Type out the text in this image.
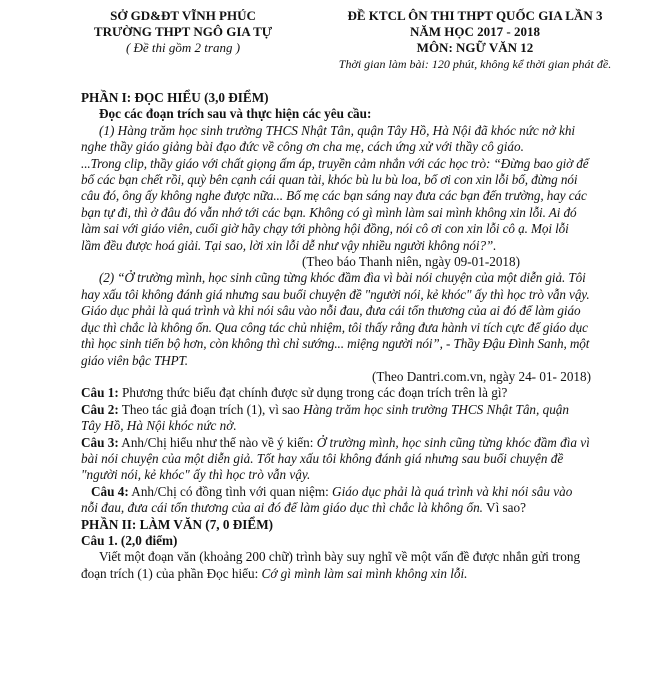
SỞ GD&ĐT VĨNH PHÚC
TRƯỜNG THPT NGÔ GIA TỰ
( Đề thi gồm 2 trang )
ĐỀ KTCL ÔN THI THPT QUỐC GIA LẦN 3
NĂM HỌC 2017 - 2018
MÔN: NGỮ VĂN 12
Thời gian làm bài: 120 phút, không kể thời gian phát đề.

PHẦN I: ĐỌC HIỂU (3,0 ĐIỂM)

Đọc các đoạn trích sau và thực hiện các yêu cầu:

(1) Hàng trăm học sinh trường THCS Nhật Tân, quận Tây Hồ, Hà Nội đã khóc nức nở khi nghe thầy giáo giảng bài đạo đức về công ơn cha mẹ, cách ứng xử với thầy cô giáo.

...Trong clip, thầy giáo với chất giọng ấm áp, truyền cảm nhắn với các học trò: “Đừng bao giờ để bố các bạn chết rồi, quỳ bên cạnh cái quan tài, khóc bù lu bù loa, bố ơi con xin lỗi bố, đừng nói câu đó, ông ấy không nghe được nữa... Bố mẹ các bạn sáng nay đưa các bạn đến trường, hay các bạn tự đi, thì ở đâu đó vẫn nhớ tới các bạn. Không có gì mình làm sai mình không xin lỗi. Ai đó làm sai với giáo viên, cuối giờ hãy chạy tới phòng hội đồng, nói cô ơi con xin lỗi cô ạ. Mọi lỗi lầm đều được hoá giải. Tại sao, lời xin lỗi dễ như vậy nhiều người không nói?”.

(Theo báo Thanh niên, ngày 09-01-2018)

(2) “Ở trường mình, học sinh cũng từng khóc đầm đìa vì bài nói chuyện của một diễn giả. Tôi hay xấu tôi không đánh giá nhưng sau buổi chuyện đề "người nói, kẻ khóc" ấy thì học trò vẫn vậy. Giáo dục phải là quá trình và khi nói sâu vào nỗi đau, đưa cái tổn thương của ai đó để làm giáo dục thì chắc là không ổn. Qua công tác chủ nhiệm, tôi thấy rằng đưa hành vi tích cực để giáo dục thì học sinh tiến bộ hơn, còn không thì chỉ sướng... miệng người nói”, - Thầy Đậu Đình Sanh, một giáo viên bậc THPT.

(Theo Dantri.com.vn, ngày 24- 01- 2018)

Câu 1: Phương thức biểu đạt chính được sử dụng trong các đoạn trích trên là gì?

Câu 2: Theo tác giả đoạn trích (1), vì sao Hàng trăm học sinh trường THCS Nhật Tân, quận Tây Hồ, Hà Nội khóc nức nở.

Câu 3: Anh/Chị hiểu như thế nào về ý kiến: Ở trường mình, học sinh cũng từng khóc đầm đìa vì bài nói chuyện của một diễn giả. Tốt hay xấu tôi không đánh giá nhưng sau buổi chuyện đề "người nói, kẻ khóc" ấy thì học trò vẫn vậy.

Câu 4: Anh/Chị có đồng tình với quan niệm: Giáo dục phải là quá trình và khi nói sâu vào nỗi đau, đưa cái tổn thương của ai đó để làm giáo dục thì chắc là không ổn. Vì sao?

PHẦN II: LÀM VĂN (7, 0 ĐIỂM)

Câu 1. (2,0 điểm)

Viết một đoạn văn (khoảng 200 chữ) trình bày suy nghĩ về một vấn đề được nhắn gửi trong đoạn trích (1) của phần Đọc hiểu: Cớ gì mình làm sai mình không xin lỗi.
